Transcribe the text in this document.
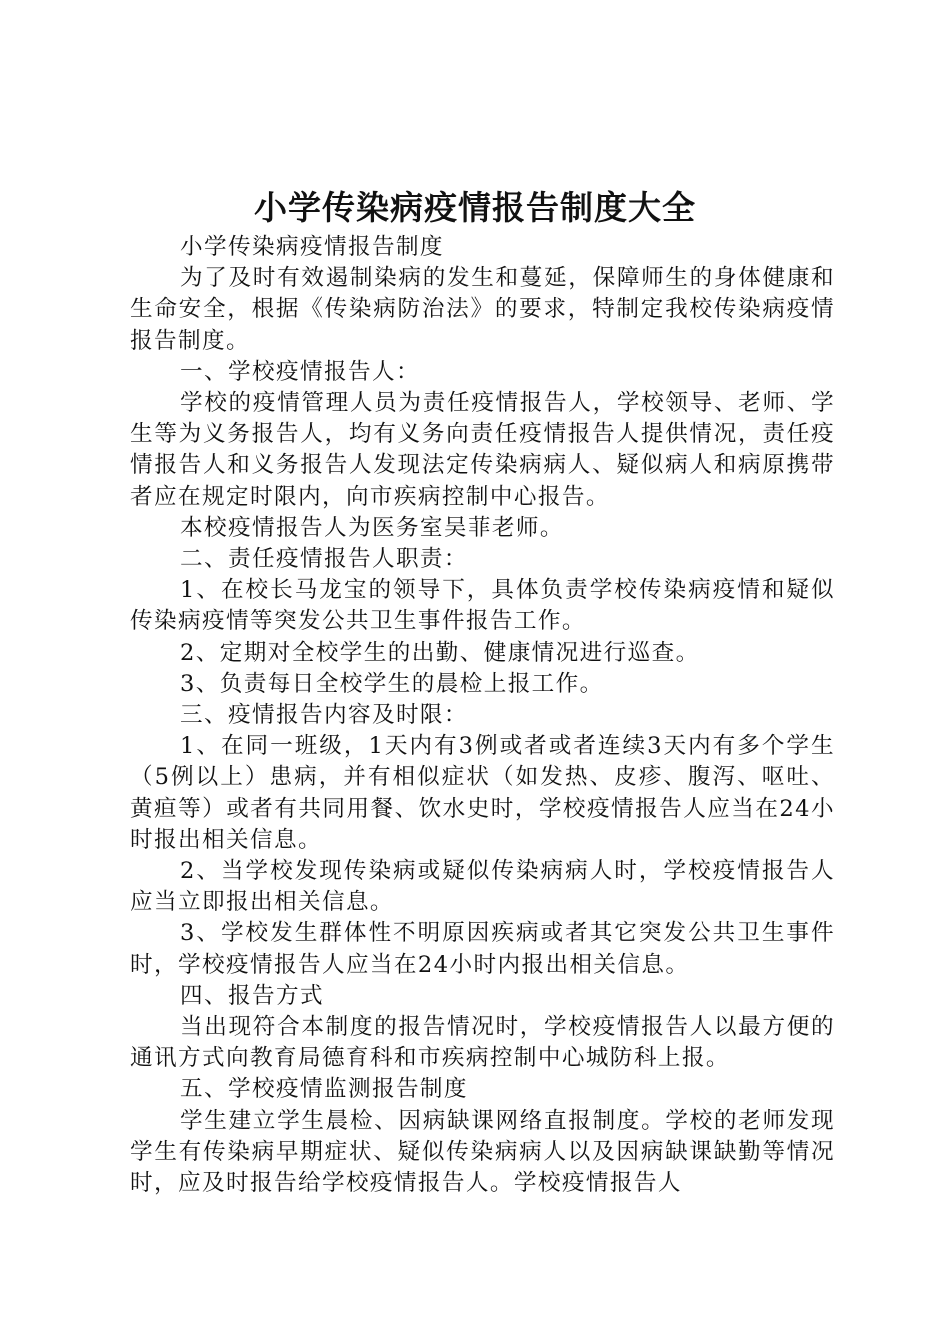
小学传染病疫情报告制度大全

小学传染病疫情报告制度

为了及时有效遏制染病的发生和蔓延，保障师生的身体健康和生命安全，根据《传染病防治法》的要求，特制定我校传染病疫情报告制度。

一、学校疫情报告人：

学校的疫情管理人员为责任疫情报告人，学校领导、老师、学生等为义务报告人，均有义务向责任疫情报告人提供情况，责任疫情报告人和义务报告人发现法定传染病病人、疑似病人和病原携带者应在规定时限内，向市疾病控制中心报告。

本校疫情报告人为医务室吴菲老师。

二、责任疫情报告人职责：

1、在校长马龙宝的领导下，具体负责学校传染病疫情和疑似传染病疫情等突发公共卫生事件报告工作。

2、定期对全校学生的出勤、健康情况进行巡查。

3、负责每日全校学生的晨检上报工作。

三、疫情报告内容及时限：

1、在同一班级，1天内有3例或者或者连续3天内有多个学生（5例以上）患病，并有相似症状（如发热、皮疹、腹泻、呕吐、黄疸等）或者有共同用餐、饮水史时，学校疫情报告人应当在24小时报出相关信息。

2、当学校发现传染病或疑似传染病病人时，学校疫情报告人应当立即报出相关信息。

3、学校发生群体性不明原因疾病或者其它突发公共卫生事件时，学校疫情报告人应当在24小时内报出相关信息。

四、报告方式

当出现符合本制度的报告情况时，学校疫情报告人以最方便的通讯方式向教育局德育科和市疾病控制中心城防科上报。

五、学校疫情监测报告制度

学生建立学生晨检、因病缺课网络直报制度。学校的老师发现学生有传染病早期症状、疑似传染病病人以及因病缺课缺勤等情况时，应及时报告给学校疫情报告人。学校疫情报告人
